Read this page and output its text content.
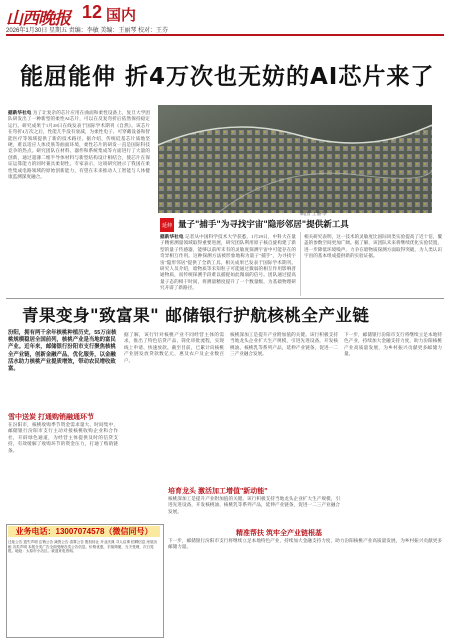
山西晚报 12 国内
2026年1月30日 星期五 责编：李敏 美编：王丽琴 校对：王芬
能屈能伸 折4万次也无妨的AI芯片来了
据新华社电 为了让复杂的芯片应用在曲面和柔性设备上，复旦大学团队研发出了一种新型的柔性AI芯片，可以在反复弯折后依然保持稳定运行。研究成果于1月28日在线发表于国际学术期刊《自然》。该芯片在弯折4万次之后，性能几乎没有衰减，为柔性电子、可穿戴设备和智能医疗等领域提供了新的技术路径。据介绍，传统硅基芯片质地坚硬，难以适应人体皮肤等曲面环境，柔性芯片的研发一直是国际科技竞争的热点。研究团队在材料、器件和系统集成等方面进行了大量的创新，通过超薄二维半导体材料与新型结构设计相结合，使芯片在保证运算能力的同时兼具柔韧性。专家表示，这项研究展示了我国在柔性集成电路领域的原始创新能力，有望在未来推动人工智能与人体健康监测深度融合。
制图 王丽琴
延伸 量子"捕手"为寻找宇宙"隐形邻居"提供新工具
据新华社电 记者从中国科学技术大学获悉，1月29日，中科大在量子精密测量领域取得重要进展，研究团队利用原子核自旋构建了新型的量子传感器，能够以前所未有的灵敏度探测宇宙中可能存在的奇异相互作用。这种探测方法被形象地称为量子"捕手"，为寻找宇宙"隐形邻居"提供了全新工具。相关成果已发表于国际学术期刊。研究人员介绍，暗物质等未知粒子可能通过微弱的相互作用影响普通物质，而传统探测手段难以捕捉如此微弱的信号。团队通过提高量子态的相干时间，将测量精度提升了一个数量级，为基础物理研究开辟了新路径。
相关研究表明，这一技术的灵敏度比国际同类实验提高了近十倍，覆盖的参数空间更加广阔。据了解，该团队未来将继续优化实验装置，进一步降低环境噪声，力争在暗物质探测方面取得突破，为人类认识宇宙的基本组成提供新的实验证据。
青果变身"致富果" 邮储银行护航核桃全产业链
汾阳，拥有两千余年核桃种植历史，55万亩核桃规模稳居全国前列，核桃产业是当地的富民产业。近年来，邮储银行汾阳市支行聚焦核桃全产业链，创新金融产品，优化服务，以金融活水助力核桃产业提质增效，带动农民增收致富。
雪中送炭 打通购销融通环节
在汾阳市，核桃收购季节资金需求量大、时间集中，邮储银行汾阳市支行主动对接核桃收购企业和合作社，开辟绿色通道，为经营主体提供及时的信贷支持，有效缓解了收购环节的资金压力，打通了购销链条。
据了解，该行针对核桃产业不同经营主体的需求，推出了特色信贷产品，简化审批流程，实现线上申请、快速放款。截至目前，已累计向核桃产业链发放贷款数亿元，惠及农户及企业数百户。
核桃深加工是提升产业附加值的关键。该行积极支持当地龙头企业扩大生产规模，引进先进设备，开发核桃油、核桃乳等系列产品，延伸产业链条，促进一二三产业融合发展。
下一步，邮储银行汾阳市支行将继续立足本地特色产业，持续加大金融支持力度，助力汾阳核桃产业高质量发展，为乡村振兴贡献更多邮储力量。
培育龙头 激活加工增值"新动能"
核桃深加工是提升产业附加值的关键。该行积极支持当地龙头企业扩大生产规模，引进先进设备，开发核桃油、核桃乳等系列产品，延伸产业链条，促进一二三产业融合发展。
精准帮扶 筑牢全产业链根基
下一步，邮储银行汾阳市支行将继续立足本地特色产业，持续加大金融支持力度，助力汾阳核桃产业高质量发展，为乡村振兴贡献更多邮储力量。
业务电话：13007074578（微信同号）
迁址公告 遗失声明 注销公告 减资公告 清算公告 股权转让 开业庆典 寻人启事 招聘信息 房屋出租 各类声明 本报分类广告全面受理各类公告信息，价格优惠，手续简便，当天受理，次日见报。地址：太原市小店区。欢迎来电咨询。
